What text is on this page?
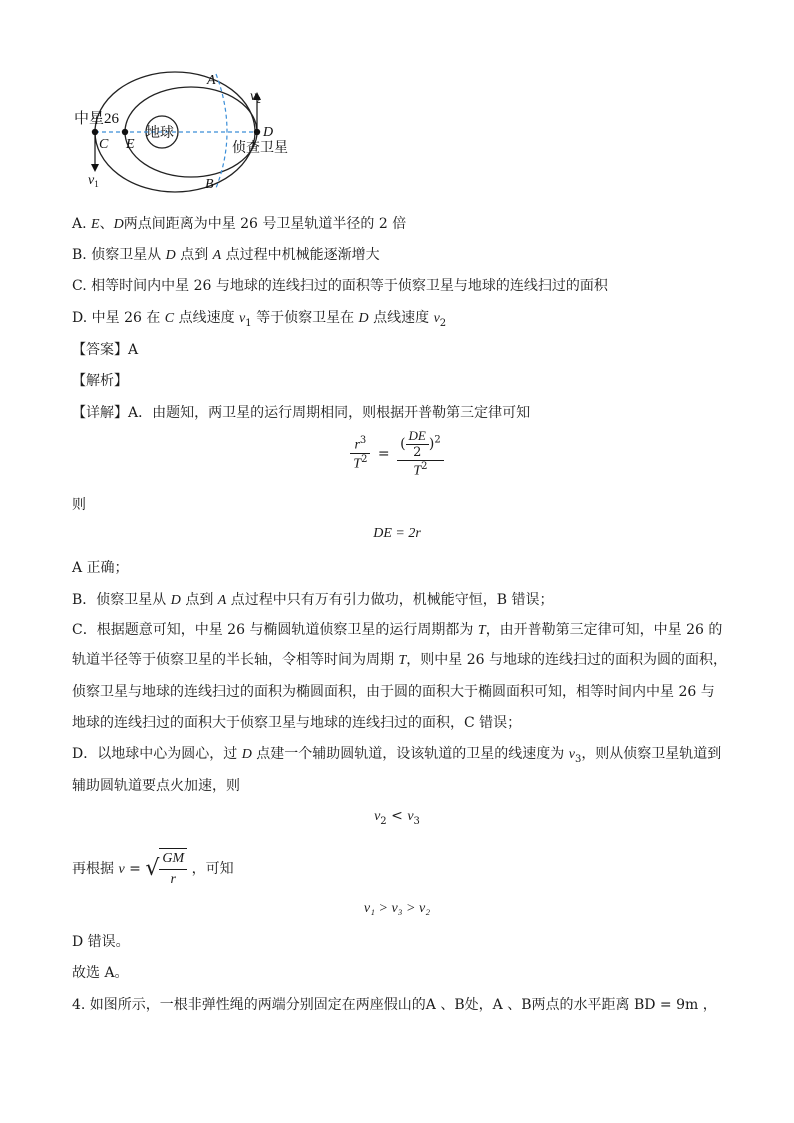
中星26
地球
侦查卫星
A
B
C
D
E
$v_1$
$v_2$
A. E、D两点间距离为中星 26 号卫星轨道半径的 2 倍
B. 侦察卫星从 D 点到 A 点过程中机械能逐渐增大
C. 相等时间内中星 26 与地球的连线扫过的面积等于侦察卫星与地球的连线扫过的面积
D. 中星 26 在 C 点线速度 $v_1$ 等于侦察卫星在 D 点线速度 $v_2$
【答案】A
【解析】
【详解】A．由题知，两卫星的运行周期相同，则根据开普勒第三定律可知
$\frac{r^3}{T^2} = \frac{( \frac{DE}{2} )^2}{T^2}$
则
DE = 2r
A 正确；
B．侦察卫星从 D 点到 A 点过程中只有万有引力做功，机械能守恒，B 错误；
C．根据题意可知，中星 26 与椭圆轨道侦察卫星的运行周期都为 T，由开普勒第三定律可知，中星 26 的
轨道半径等于侦察卫星的半长轴，令相等时间为周期 T，则中星 26 与地球的连线扫过的面积为圆的面积，
侦察卫星与地球的连线扫过的面积为椭圆面积，由于圆的面积大于椭圆面积可知，相等时间内中星 26 与
地球的连线扫过的面积大于侦察卫星与地球的连线扫过的面积，C 错误；
D．以地球中心为圆心，过 D 点建一个辅助圆轨道，设该轨道的卫星的线速度为 $v_3$，则从侦察卫星轨道到
辅助圆轨道要点火加速，则
$v_2 < v_3$
再根据 v = √ $\frac{GM}{r}$ ，可知
v₁ > v₃ > v₂
D 错误。
故选 A。
4. 如图所示，一根非弹性绳的两端分别固定在两座假山的A 、B处，A 、B两点的水平距离 BD = 9m ，
